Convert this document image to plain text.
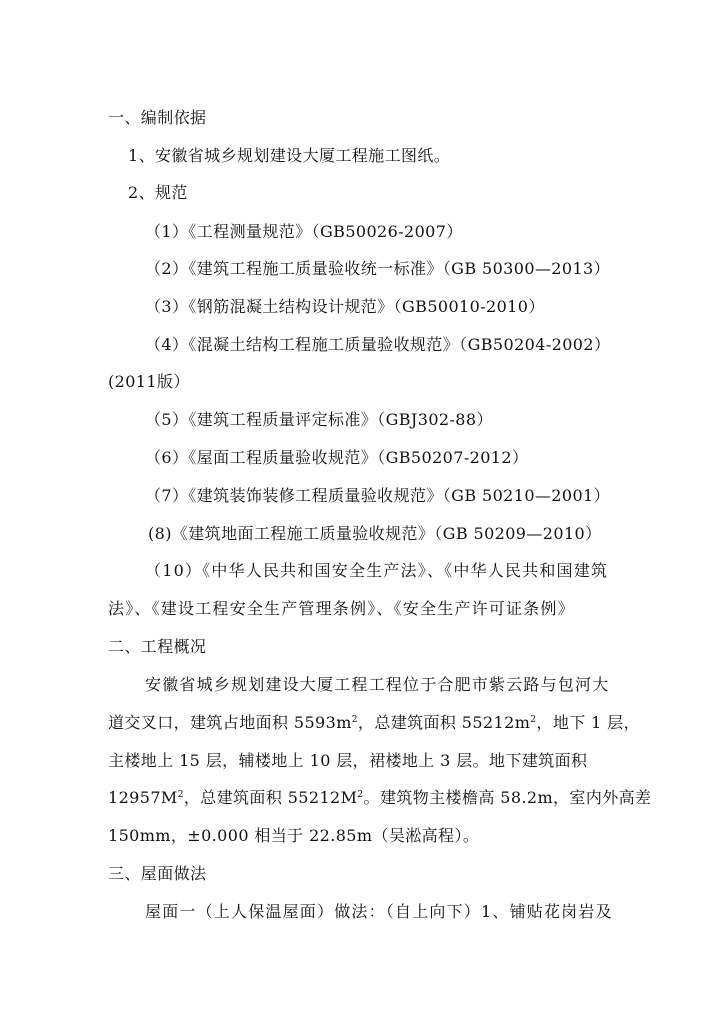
一、编制依据
1、安徽省城乡规划建设大厦工程施工图纸。
2、规范
（1）《工程测量规范》（GB50026-2007）
（2）《建筑工程施工质量验收统一标准》（GB 50300—2013）
（3）《钢筋混凝土结构设计规范》（GB50010-2010）
（4）《混凝土结构工程施工质量验收规范》（GB50204-2002）
(2011版）
（5）《建筑工程质量评定标准》（GBJ302-88）
（6）《屋面工程质量验收规范》（GB50207-2012）
（7）《建筑装饰装修工程质量验收规范》（GB 50210—2001）
(8)《建筑地面工程施工质量验收规范》（GB 50209—2010）
（10）《中华人民共和国安全生产法》、《中华人民共和国建筑
法》、《建设工程安全生产管理条例》、《安全生产许可证条例》
二、工程概况
安徽省城乡规划建设大厦工程工程位于合肥市紫云路与包河大
道交叉口，建筑占地面积 $5593m^2$，总建筑面积 $55212m^2$，地下 1 层，
主楼地上 15 层，辅楼地上 10 层，裙楼地上 3 层。地下建筑面积
$12957M^2$，总建筑面积 $55212M^2$。建筑物主楼檐高 58.2m，室内外高差
150mm，±0.000 相当于 22.85m（吴淞高程）。
三、屋面做法
屋面一（上人保温屋面）做法：（自上向下）1、铺贴花岗岩及
